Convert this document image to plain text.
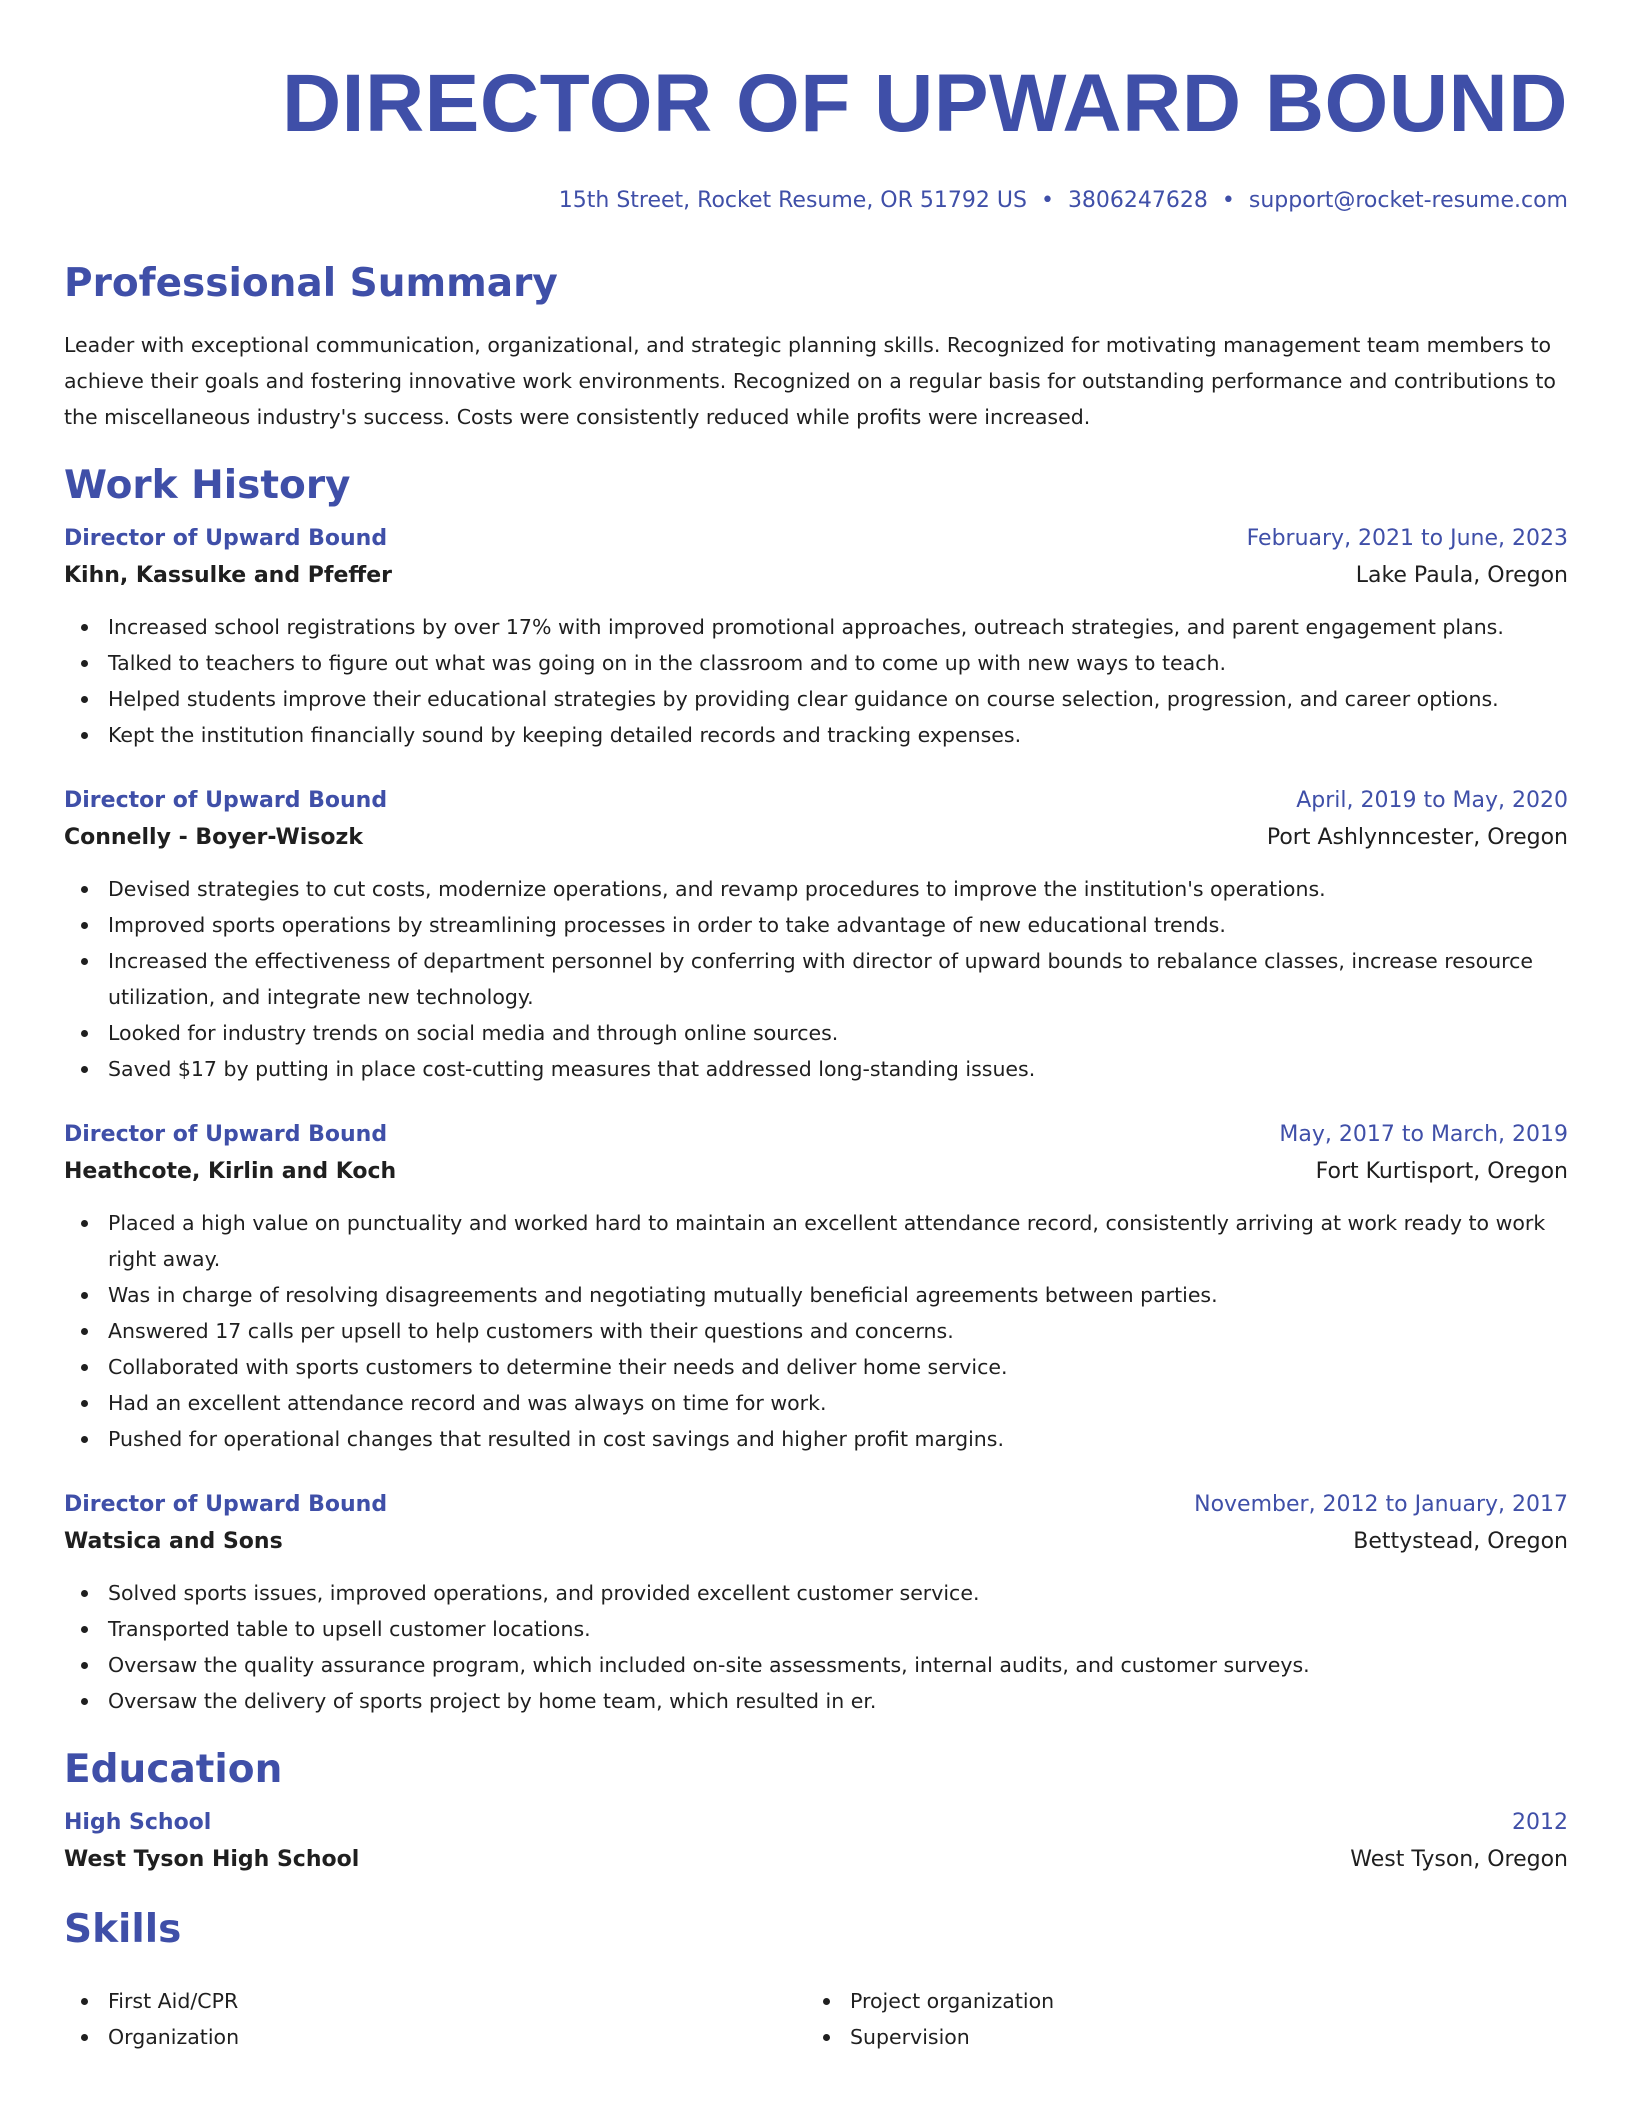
DIRECTOR OF UPWARD BOUND
15th Street, Rocket Resume, OR 51792 US • 3806247628 • support@rocket-resume.com
Professional Summary

Leader with exceptional communication, organizational, and strategic planning skills. Recognized for motivating management team members to achieve their goals and fostering innovative work environments. Recognized on a regular basis for outstanding performance and contributions to the miscellaneous industry's success. Costs were consistently reduced while profits were increased.

Work History
Director of Upward Bound	February, 2021 to June, 2023
Kihn, Kassulke and Pfeffer	Lake Paula, Oregon
Increased school registrations by over 17% with improved promotional approaches, outreach strategies, and parent engagement plans.
Talked to teachers to figure out what was going on in the classroom and to come up with new ways to teach.
Helped students improve their educational strategies by providing clear guidance on course selection, progression, and career options.
Kept the institution financially sound by keeping detailed records and tracking expenses.
Director of Upward Bound	April, 2019 to May, 2020
Connelly - Boyer-Wisozk	Port Ashlynncester, Oregon
Devised strategies to cut costs, modernize operations, and revamp procedures to improve the institution's operations.
Improved sports operations by streamlining processes in order to take advantage of new educational trends.
Increased the effectiveness of department personnel by conferring with director of upward bounds to rebalance classes, increase resource utilization, and integrate new technology.
Looked for industry trends on social media and through online sources.
Saved $17 by putting in place cost-cutting measures that addressed long-standing issues.
Director of Upward Bound	May, 2017 to March, 2019
Heathcote, Kirlin and Koch	Fort Kurtisport, Oregon
Placed a high value on punctuality and worked hard to maintain an excellent attendance record, consistently arriving at work ready to work right away.
Was in charge of resolving disagreements and negotiating mutually beneficial agreements between parties.
Answered 17 calls per upsell to help customers with their questions and concerns.
Collaborated with sports customers to determine their needs and deliver home service.
Had an excellent attendance record and was always on time for work.
Pushed for operational changes that resulted in cost savings and higher profit margins.
Director of Upward Bound	November, 2012 to January, 2017
Watsica and Sons	Bettystead, Oregon
Solved sports issues, improved operations, and provided excellent customer service.
Transported table to upsell customer locations.
Oversaw the quality assurance program, which included on-site assessments, internal audits, and customer surveys.
Oversaw the delivery of sports project by home team, which resulted in er.
Education
High School	2012
West Tyson High School	West Tyson, Oregon
Skills
First Aid/CPR
Organization
Project organization
Supervision
